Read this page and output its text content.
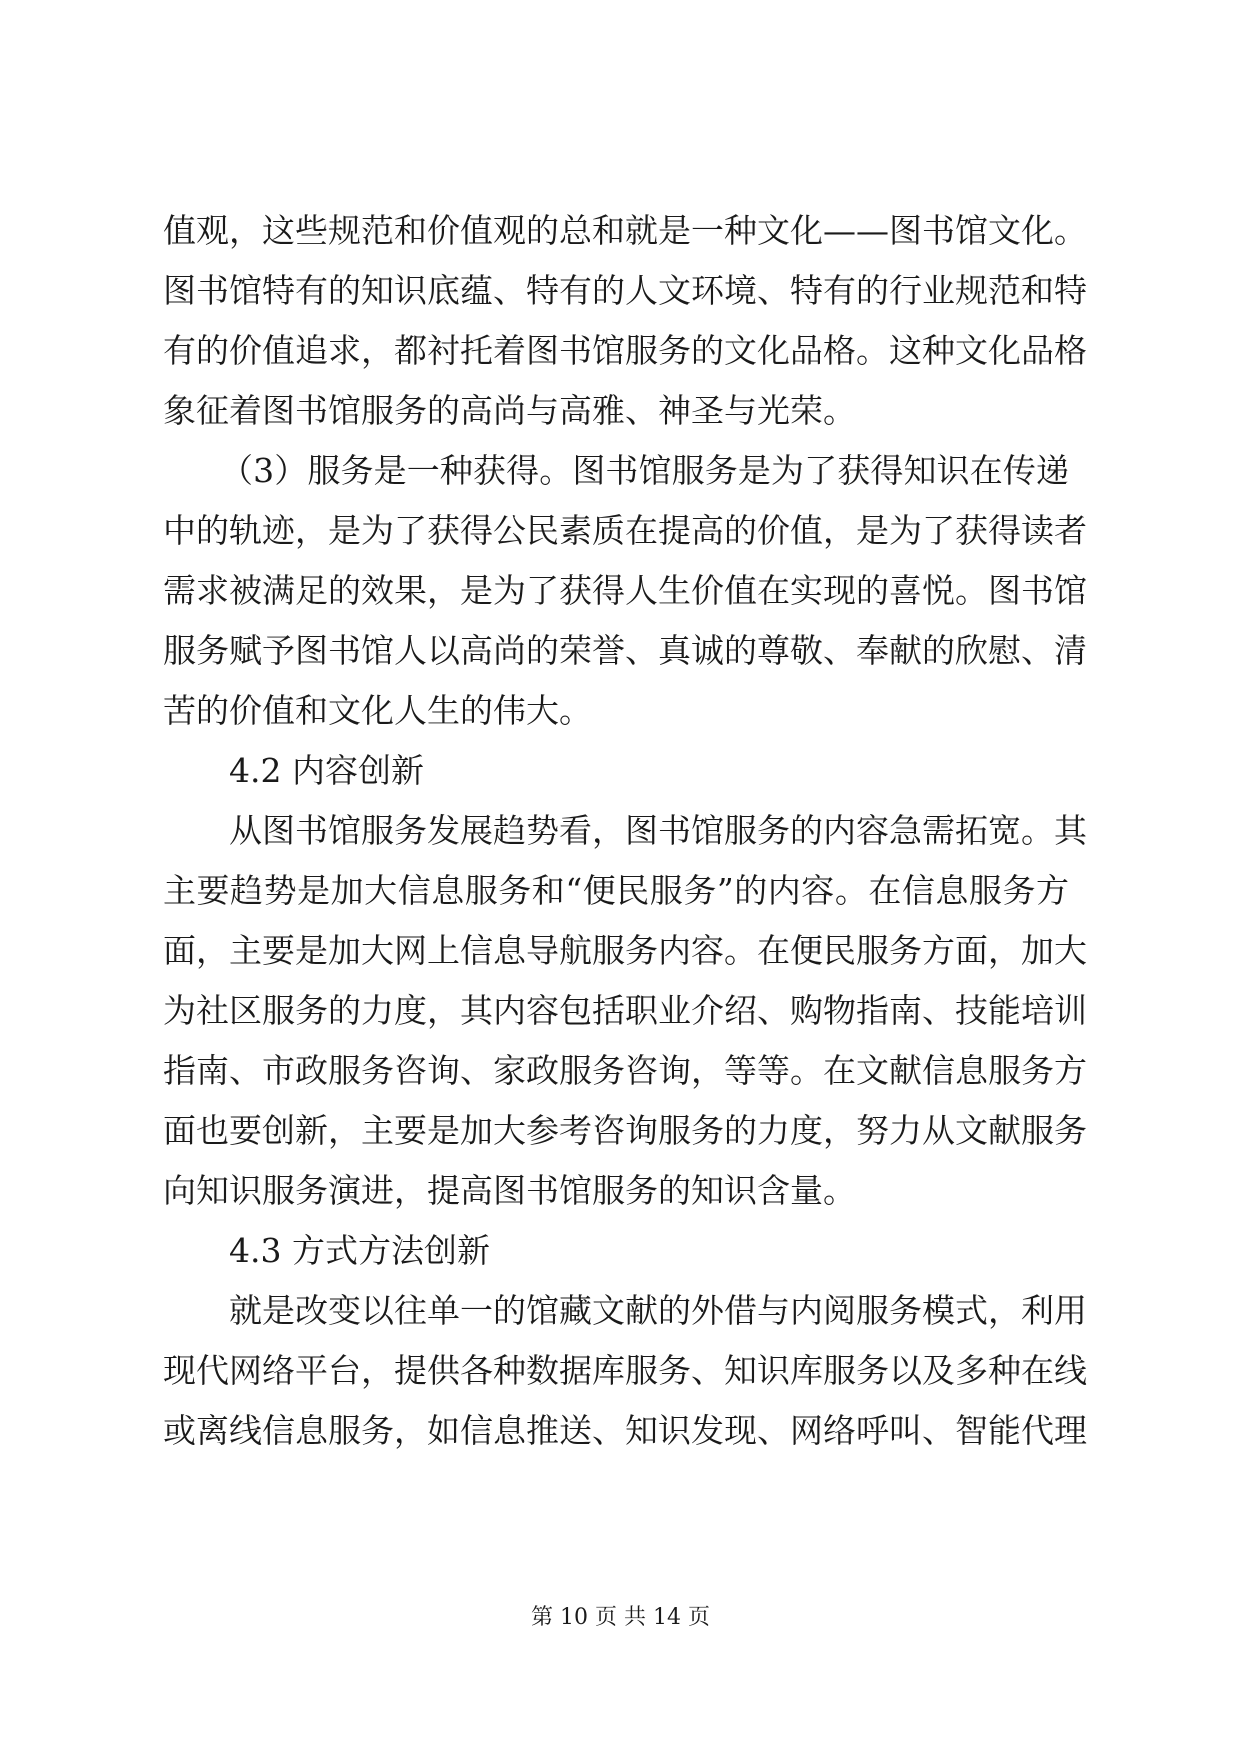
值观，这些规范和价值观的总和就是一种文化——图书馆文化。
图书馆特有的知识底蕴、特有的人文环境、特有的行业规范和特
有的价值追求，都衬托着图书馆服务的文化品格。这种文化品格
象征着图书馆服务的高尚与高雅、神圣与光荣。
（3）服务是一种获得。图书馆服务是为了获得知识在传递
中的轨迹，是为了获得公民素质在提高的价值，是为了获得读者
需求被满足的效果，是为了获得人生价值在实现的喜悦。图书馆
服务赋予图书馆人以高尚的荣誉、真诚的尊敬、奉献的欣慰、清
苦的价值和文化人生的伟大。
4.2 内容创新
从图书馆服务发展趋势看，图书馆服务的内容急需拓宽。其
主要趋势是加大信息服务和“便民服务”的内容。在信息服务方
面，主要是加大网上信息导航服务内容。在便民服务方面，加大
为社区服务的力度，其内容包括职业介绍、购物指南、技能培训
指南、市政服务咨询、家政服务咨询，等等。在文献信息服务方
面也要创新，主要是加大参考咨询服务的力度，努力从文献服务
向知识服务演进，提高图书馆服务的知识含量。
4.3 方式方法创新
就是改变以往单一的馆藏文献的外借与内阅服务模式，利用
现代网络平台，提供各种数据库服务、知识库服务以及多种在线
或离线信息服务，如信息推送、知识发现、网络呼叫、智能代理
第 10 页 共 14 页
